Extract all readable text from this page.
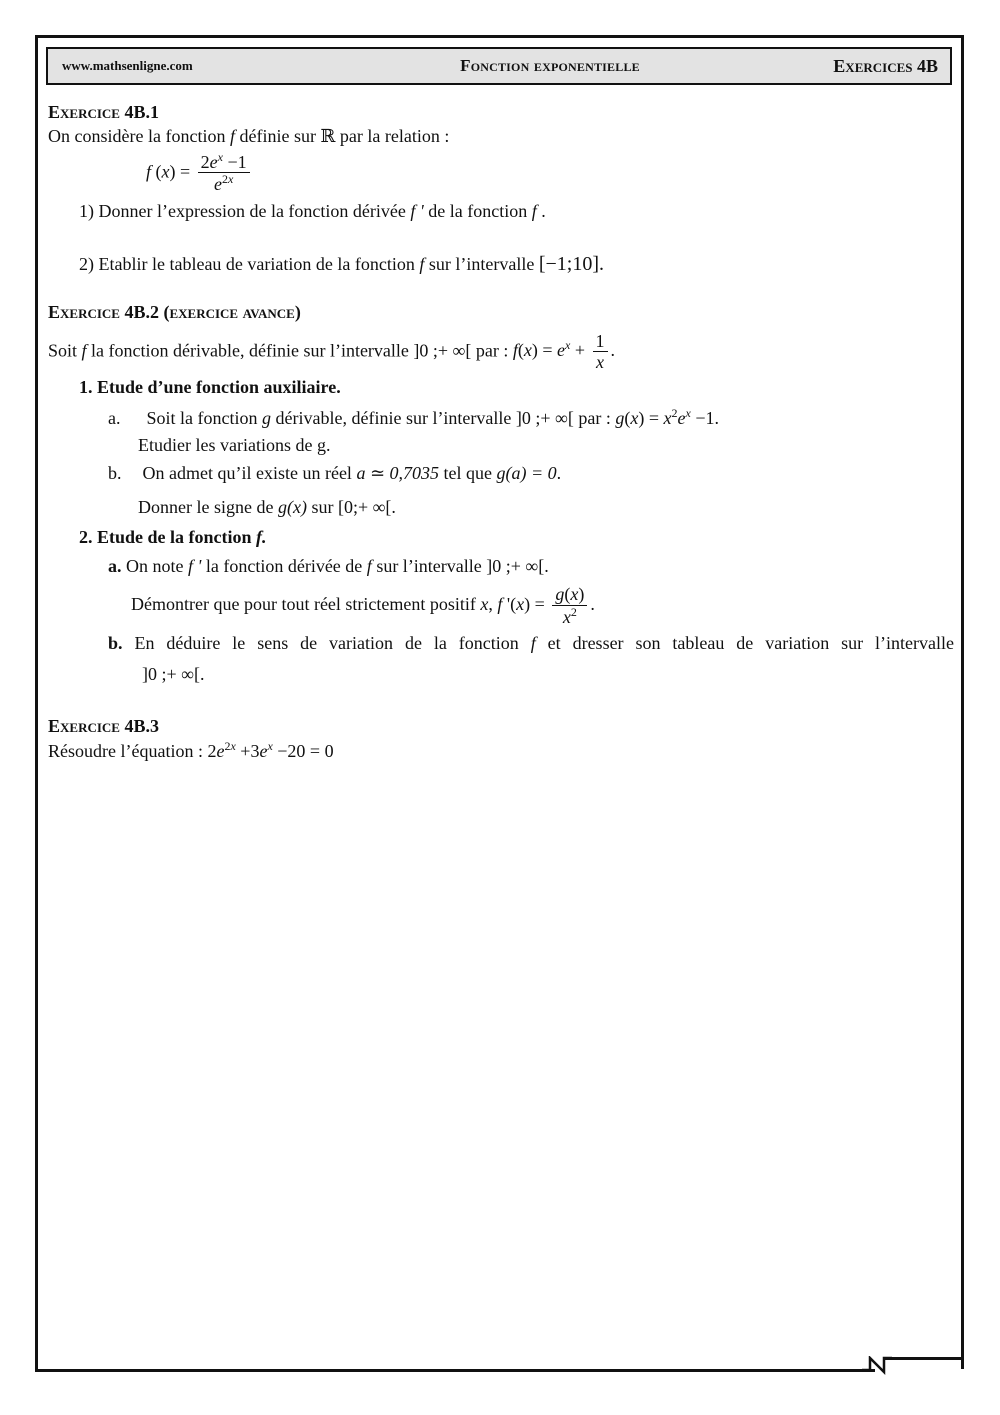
www.mathsenligne.com	Fonction exponentielle	Exercices 4B
Exercice 4B.1

On considère la fonction f définie sur ℝ par la relation :

f $(x) = \frac{2e^x -1}{e^{2x}}$

1) Donner l’expression de la fonction dérivée f ' de la fonction f .

2) Etablir le tableau de variation de la fonction f sur l’intervalle [−1;10].

Exercice 4B.2 (exercice avance)

Soit f la fonction dérivable, définie sur l’intervalle ]0 ;+ ∞[ par : $f(x) = e^x + \frac{1}{x}$ .

1. Etude d’une fonction auxiliaire.

a. Soit la fonction g dérivable, définie sur l’intervalle ]0 ;+ ∞[ par : $g(x) = x^2e^x -1$.

Etudier les variations de g.

b. On admet qu’il existe un réel a ≃ 0,7035 tel que g(a) = 0.

Donner le signe de g(x) sur [0;+ ∞[.

2. Etude de la fonction f.

a. On note f ' la fonction dérivée de f sur l’intervalle ]0 ;+ ∞[.

Démontrer que pour tout réel strictement positif x, f '$(x) = \frac{g(x)}{x^2}$ .

b. En déduire le sens de variation de la fonction f et dresser son tableau de variation sur l’intervalle

]0 ;+ ∞[.

Exercice 4B.3

Résoudre l’équation : $2e^{2x} +3e^x -20 = 0$
